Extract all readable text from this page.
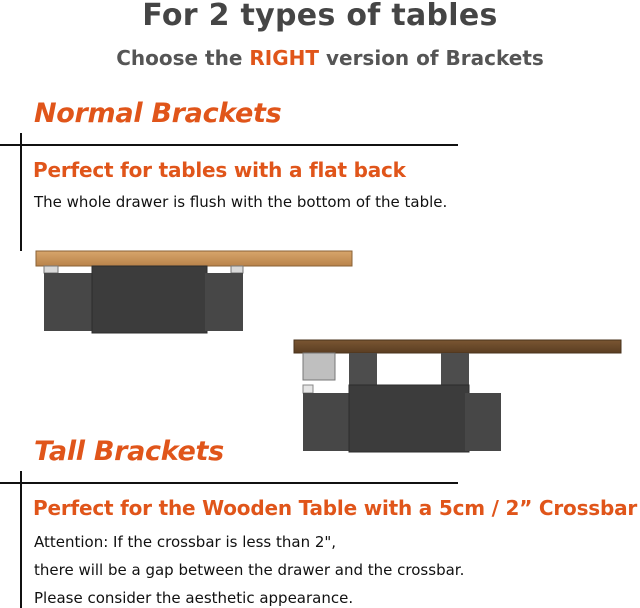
For 2 types of tables
Choose the RIGHT version of Brackets
Normal Brackets
Perfect for tables with a flat back
The whole drawer is flush with the bottom of the table.
Tall Brackets
Perfect for the Wooden Table with a 5cm / 2” Crossbar
Attention: If the crossbar is less than 2",
there will be a gap between the drawer and the crossbar.
Please consider the aesthetic appearance.
